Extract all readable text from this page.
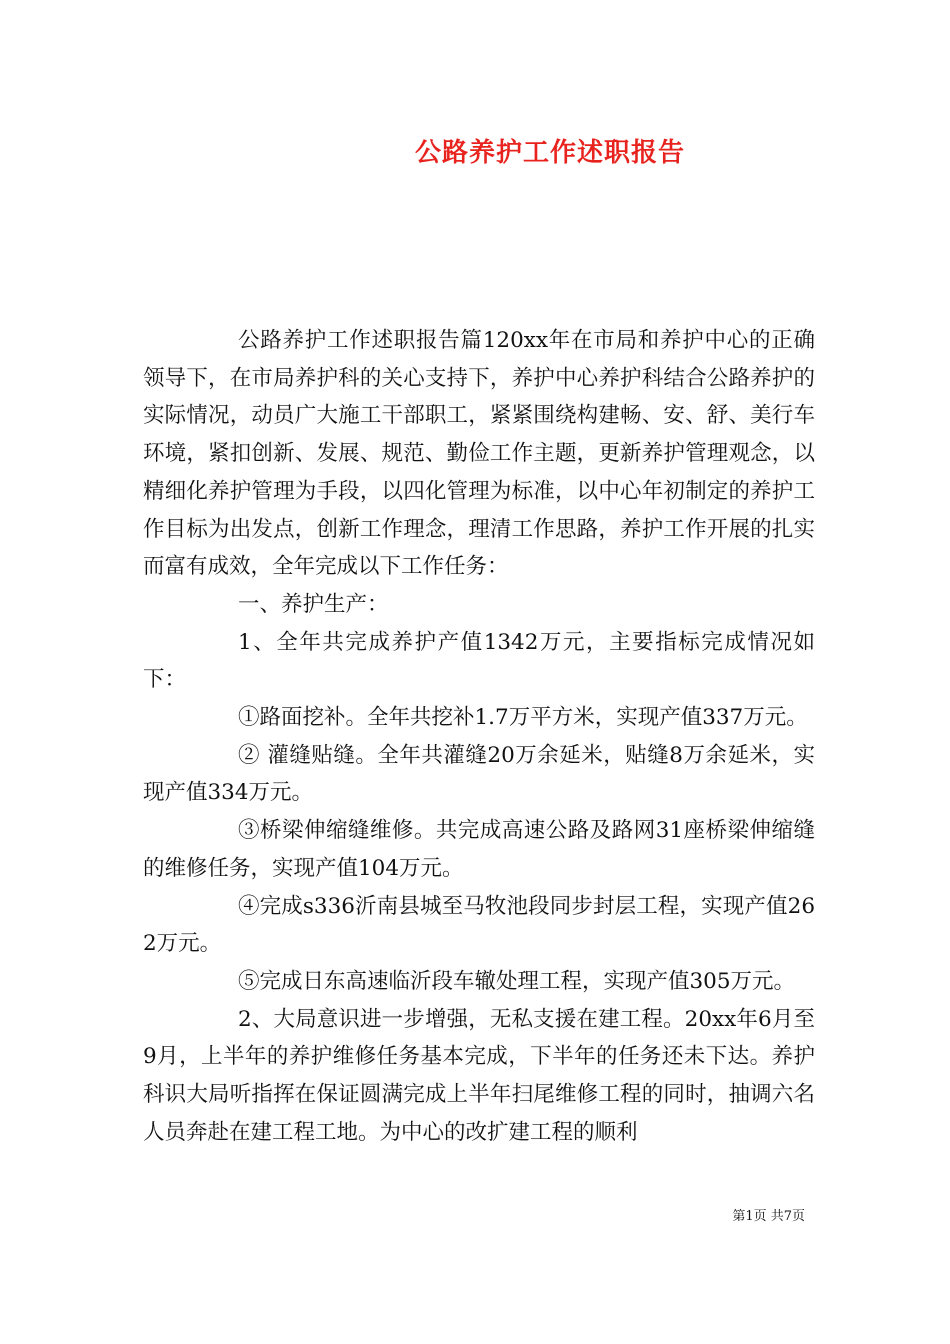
公路养护工作述职报告

公路养护工作述职报告篇120xx年在市局和养护中心的正确领导下，在市局养护科的关心支持下，养护中心养护科结合公路养护的实际情况，动员广大施工干部职工，紧紧围绕构建畅、安、舒、美行车环境，紧扣创新、发展、规范、勤俭工作主题，更新养护管理观念，以精细化养护管理为手段，以四化管理为标准，以中心年初制定的养护工作目标为出发点，创新工作理念，理清工作思路，养护工作开展的扎实而富有成效，全年完成以下工作任务：

一、养护生产：

1、全年共完成养护产值1342万元，主要指标完成情况如下：

①路面挖补。全年共挖补1.7万平方米，实现产值337万元。

② 灌缝贴缝。全年共灌缝20万余延米，贴缝8万余延米，实现产值334万元。

③桥梁伸缩缝维修。共完成高速公路及路网31座桥梁伸缩缝的维修任务，实现产值104万元。

④完成s336沂南县城至马牧池段同步封层工程，实现产值262万元。

⑤完成日东高速临沂段车辙处理工程，实现产值305万元。

2、大局意识进一步增强，无私支援在建工程。20xx年6月至9月，上半年的养护维修任务基本完成，下半年的任务还未下达。养护科识大局听指挥在保证圆满完成上半年扫尾维修工程的同时，抽调六名人员奔赴在建工程工地。为中心的改扩建工程的顺利

第1页 共7页
